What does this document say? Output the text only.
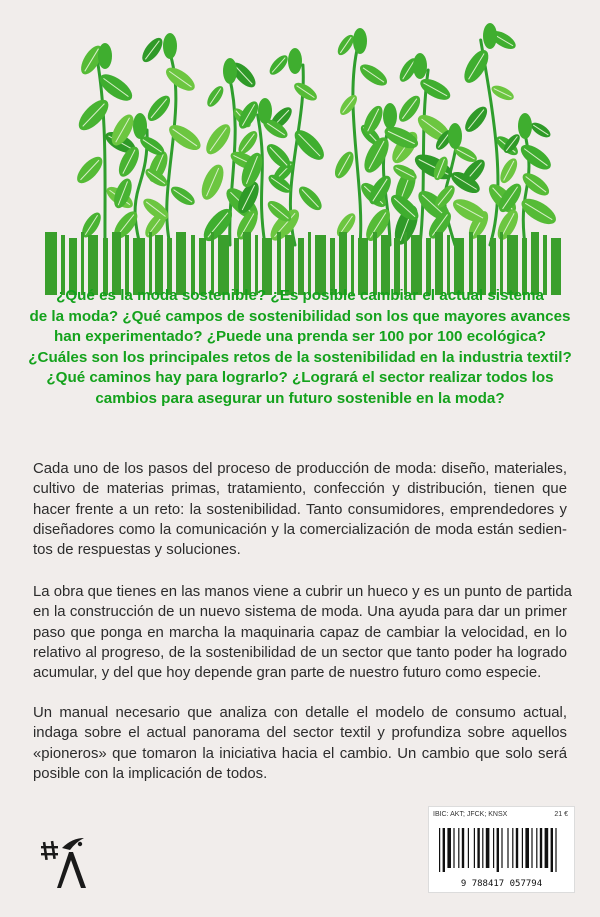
¿Qué es la moda sostenible? ¿Es posible cambiar el actual sistema
de la moda? ¿Qué campos de sostenibilidad son los que mayores avances
han experimentado? ¿Puede una prenda ser 100 por 100 ecológica?
¿Cuáles son los principales retos de la sostenibilidad en la industria textil?
¿Qué caminos hay para lograrlo? ¿Logrará el sector realizar todos los
cambios para asegurar un futuro sostenible en la moda?
Cada uno de los pasos del proceso de producción de moda: diseño, materiales,
cultivo de materias primas, tratamiento, confección y distribución, tienen que
hacer frente a un reto: la sostenibilidad. Tanto consumidores, emprendedores y
diseñadores como la comunicación y la comercialización de moda están sedien-
tos de respuestas y soluciones.
La obra que tienes en las manos viene a cubrir un hueco y es un punto de partida
en la construcción de un nuevo sistema de moda. Una ayuda para dar un primer
paso que ponga en marcha la maquinaria capaz de cambiar la velocidad, en lo
relativo al progreso, de la sostenibilidad de un sector que tanto poder ha logrado
acumular, y del que hoy depende gran parte de nuestro futuro como especie.
Un manual necesario que analiza con detalle el modelo de consumo actual,
indaga sobre el actual panorama del sector textil y profundiza sobre aquellos
«pioneros» que tomaron la iniciativa hacia el cambio. Un cambio que solo será
posible con la implicación de todos.
IBIC: AKT; JFCK; KNSX	21 €
9 788417 057794
